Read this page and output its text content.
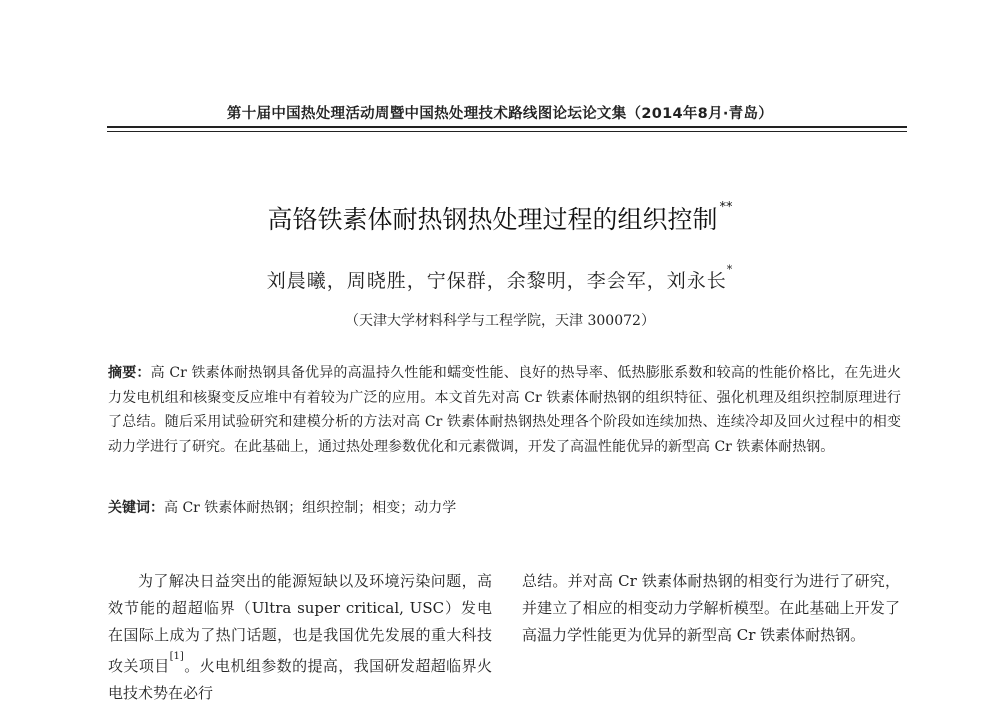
第十届中国热处理活动周暨中国热处理技术路线图论坛论文集（2014年8月·青岛）
高铬铁素体耐热钢热处理过程的组织控制 **
刘晨曦，周晓胜，宁保群，余黎明，李会军，刘永长*
（天津大学材料科学与工程学院，天津 300072）
摘要：高 Cr 铁素体耐热钢具备优异的高温持久性能和蠕变性能、良好的热导率、低热膨胀系数和较高的性能价格比，在先进火力发电机组和核聚变反应堆中有着较为广泛的应用。本文首先对高 Cr 铁素体耐热钢的组织特征、强化机理及组织控制原理进行了总结。随后采用试验研究和建模分析的方法对高 Cr 铁素体耐热钢热处理各个阶段如连续加热、连续冷却及回火过程中的相变动力学进行了研究。在此基础上，通过热处理参数优化和元素微调，开发了高温性能优异的新型高 Cr 铁素体耐热钢。
关键词：高 Cr 铁素体耐热钢；组织控制；相变；动力学
为了解决日益突出的能源短缺以及环境污染问题，高效节能的超超临界（Ultra super critical, USC）发电在国际上成为了热门话题，也是我国优先发展的重大科技攻关项目[1]。火电机组参数的提高，我国研发超超临界火电技术势在必行
总结。并对高 Cr 铁素体耐热钢的相变行为进行了研究，并建立了相应的相变动力学解析模型。在此基础上开发了高温力学性能更为优异的新型高 Cr 铁素体耐热钢。
